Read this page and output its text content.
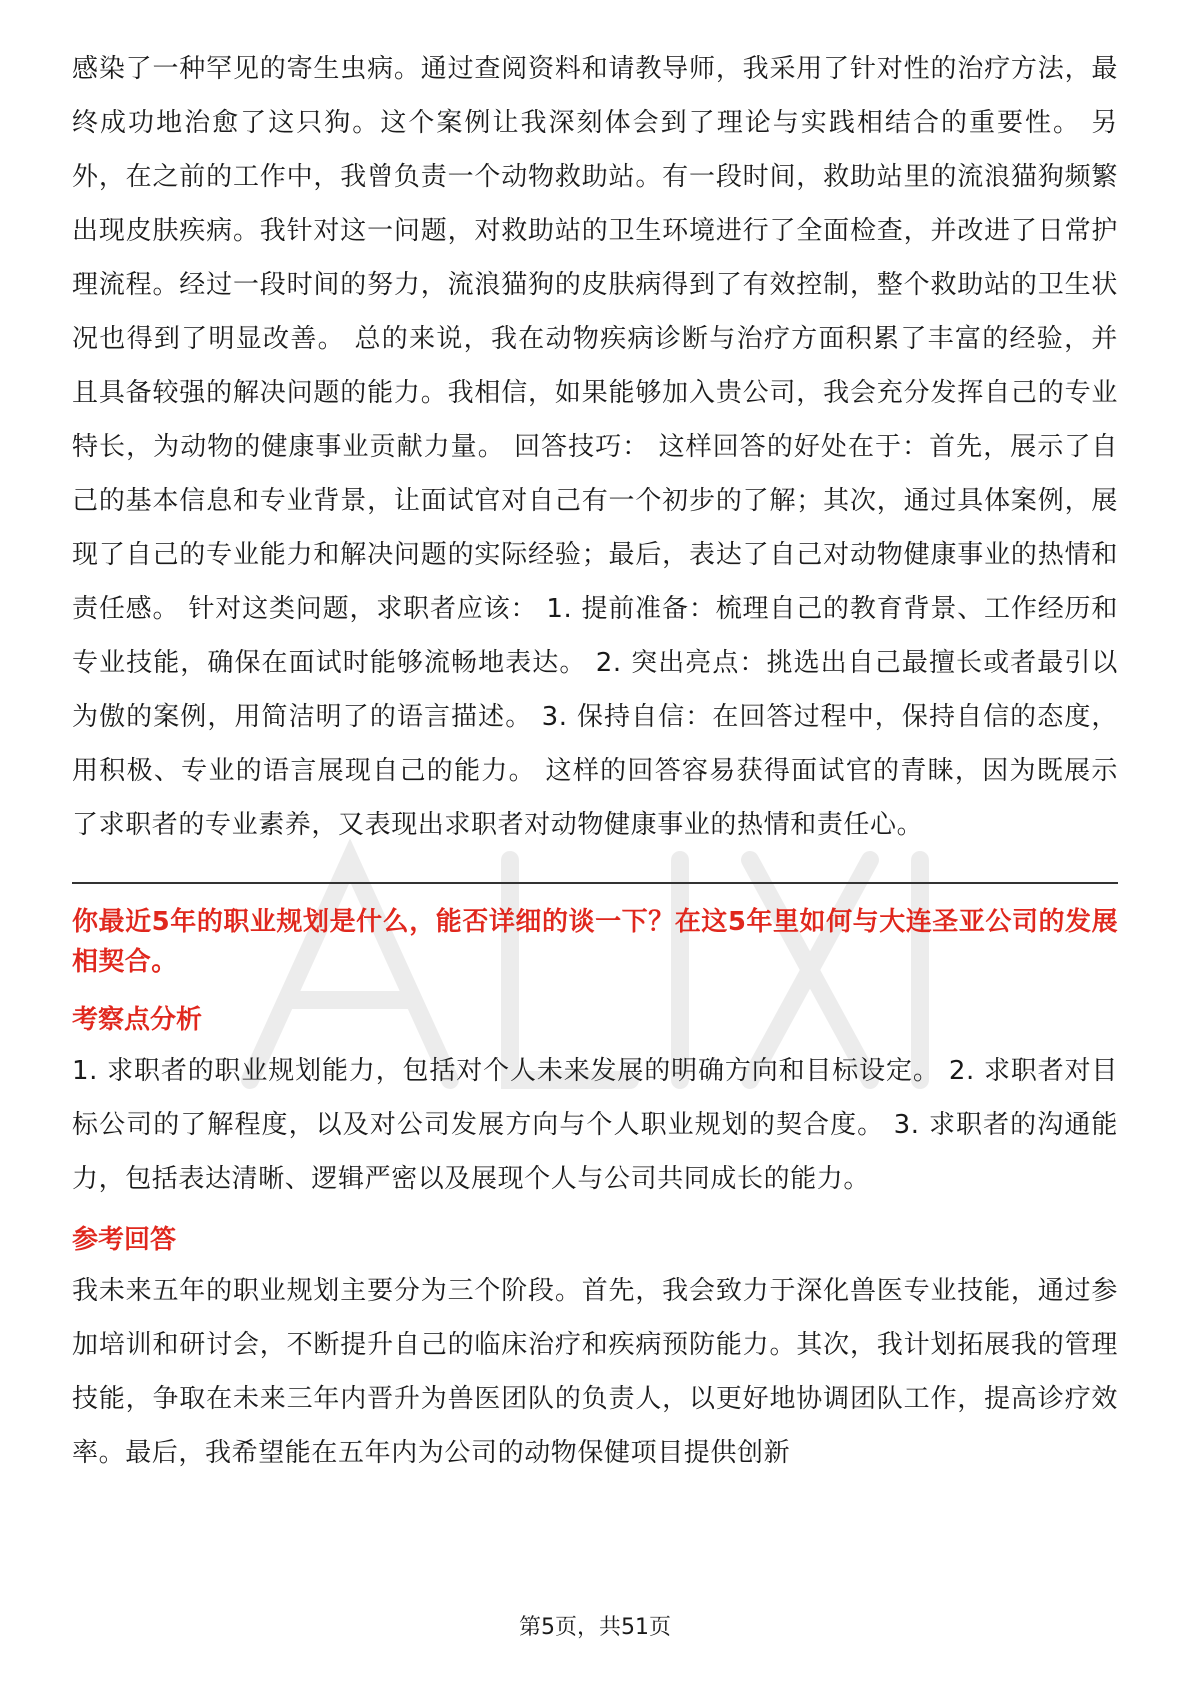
感染了一种罕见的寄生虫病。通过查阅资料和请教导师，我采用了针对性的治疗方法，最终成功地治愈了这只狗。这个案例让我深刻体会到了理论与实践相结合的重要性。 另外，在之前的工作中，我曾负责一个动物救助站。有一段时间，救助站里的流浪猫狗频繁出现皮肤疾病。我针对这一问题，对救助站的卫生环境进行了全面检查，并改进了日常护理流程。经过一段时间的努力，流浪猫狗的皮肤病得到了有效控制，整个救助站的卫生状况也得到了明显改善。 总的来说，我在动物疾病诊断与治疗方面积累了丰富的经验，并且具备较强的解决问题的能力。我相信，如果能够加入贵公司，我会充分发挥自己的专业特长，为动物的健康事业贡献力量。 回答技巧： 这样回答的好处在于：首先，展示了自己的基本信息和专业背景，让面试官对自己有一个初步的了解；其次，通过具体案例，展现了自己的专业能力和解决问题的实际经验；最后，表达了自己对动物健康事业的热情和责任感。 针对这类问题，求职者应该： 1. 提前准备：梳理自己的教育背景、工作经历和专业技能，确保在面试时能够流畅地表达。 2. 突出亮点：挑选出自己最擅长或者最引以为傲的案例，用简洁明了的语言描述。 3. 保持自信：在回答过程中，保持自信的态度，用积极、专业的语言展现自己的能力。 这样的回答容易获得面试官的青睐，因为既展示了求职者的专业素养，又表现出求职者对动物健康事业的热情和责任心。

你最近5年的职业规划是什么，能否详细的谈一下？在这5年里如何与大连圣亚公司的发展相契合。

考察点分析

1. 求职者的职业规划能力，包括对个人未来发展的明确方向和目标设定。 2. 求职者对目标公司的了解程度，以及对公司发展方向与个人职业规划的契合度。 3. 求职者的沟通能力，包括表达清晰、逻辑严密以及展现个人与公司共同成长的能力。

参考回答

我未来五年的职业规划主要分为三个阶段。首先，我会致力于深化兽医专业技能，通过参加培训和研讨会，不断提升自己的临床治疗和疾病预防能力。其次，我计划拓展我的管理技能，争取在未来三年内晋升为兽医团队的负责人，以更好地协调团队工作，提高诊疗效率。最后，我希望能在五年内为公司的动物保健项目提供创新

第5页，共51页
